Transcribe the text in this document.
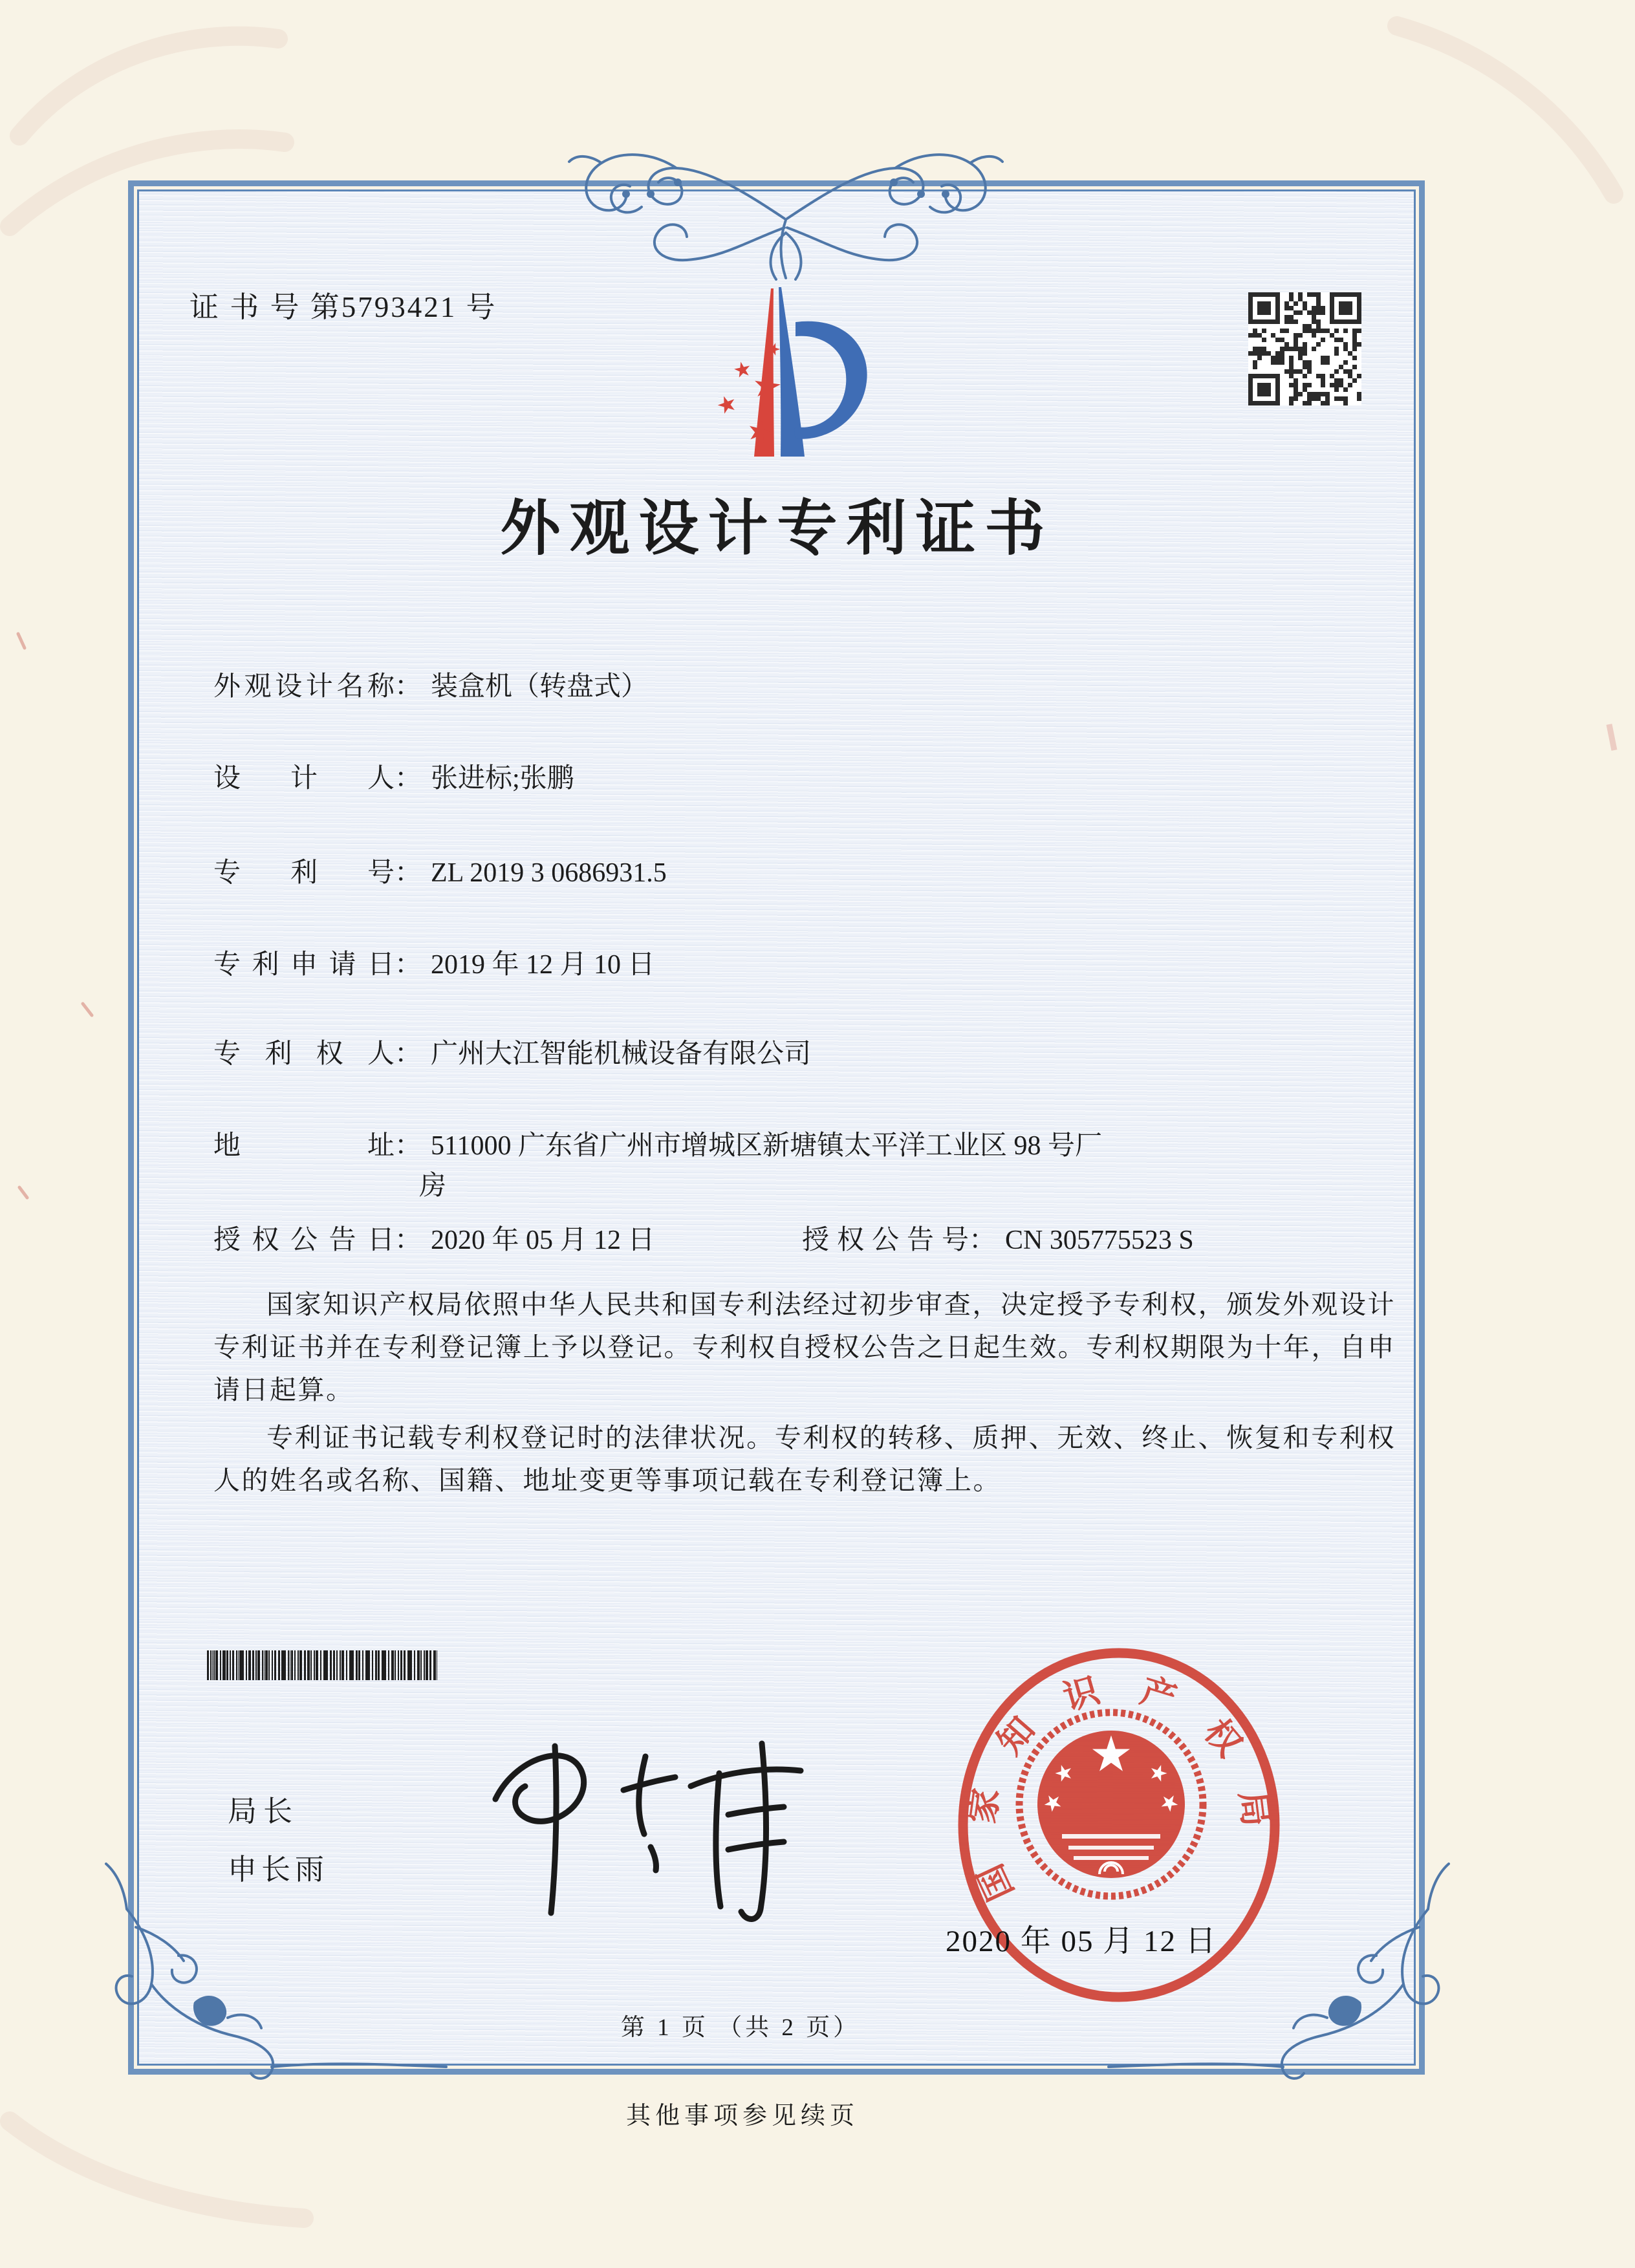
证 书 号 第5793421 号
外观设计专利证书
外观设计名称： 装盒机（转盘式）
设计人： 张进标;张鹏
专利号： ZL 2019 3 0686931.5
专利申请日： 2019 年 12 月 10 日
专利权人： 广州大江智能机械设备有限公司
地址： 511000 广东省广州市增城区新塘镇太平洋工业区 98 号厂
房
授权公告日： 2020 年 05 月 12 日	授权公告号： CN 305775523 S

国家知识产权局依照中华人民共和国专利法经过初步审查，决定授予专利权，颁发外观设计专利证书并在专利登记簿上予以登记。专利权自授权公告之日起生效。专利权期限为十年，自申请日起算。

专利证书记载专利权登记时的法律状况。专利权的转移、质押、无效、终止、恢复和专利权人的姓名或名称、国籍、地址变更等事项记载在专利登记簿上。

局长
申长雨	国
家
知
识 产
权
局
2020 年 05 月 12 日
第 1 页 （共 2 页）
其他事项参见续页
